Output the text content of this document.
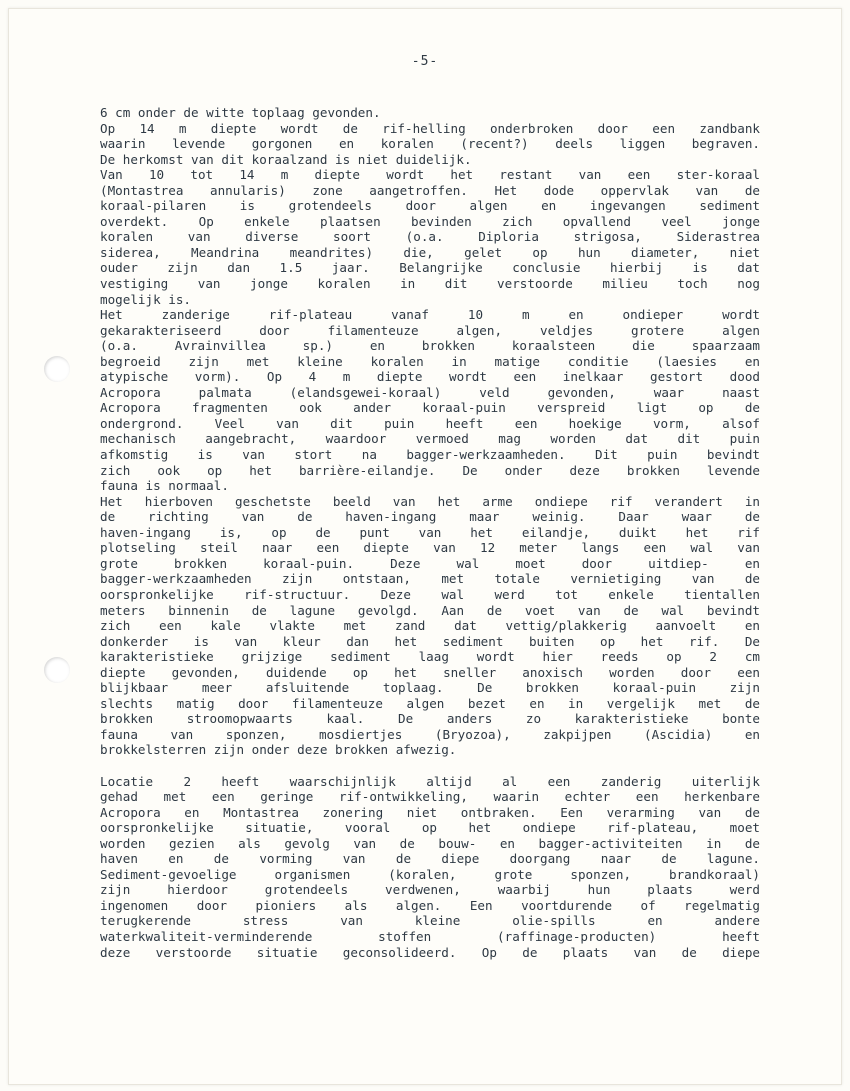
-5-
6 cm onder de witte toplaag gevonden.
Op 14 m diepte wordt de rif-helling onderbroken door een zandbank
waarin levende gorgonen en koralen (recent?) deels liggen begraven.
De herkomst van dit koraalzand is niet duidelijk.
Van 10 tot 14 m diepte wordt het restant van een ster-koraal
(Montastrea annularis) zone aangetroffen. Het dode oppervlak van de
koraal-pilaren is grotendeels door algen en ingevangen sediment
overdekt. Op enkele plaatsen bevinden zich opvallend veel jonge
koralen van diverse soort (o.a. Diploria strigosa, Siderastrea
siderea, Meandrina meandrites) die, gelet op hun diameter, niet
ouder zijn dan 1.5 jaar. Belangrijke conclusie hierbij is dat
vestiging van jonge koralen in dit verstoorde milieu toch nog
mogelijk is.
Het zanderige rif-plateau vanaf 10 m en ondieper wordt
gekarakteriseerd door filamenteuze algen, veldjes grotere algen
(o.a. Avrainvillea sp.) en brokken koraalsteen die spaarzaam
begroeid zijn met kleine koralen in matige conditie (laesies en
atypische vorm). Op 4 m diepte wordt een inelkaar gestort dood
Acropora palmata (elandsgewei-koraal) veld gevonden, waar naast
Acropora fragmenten ook ander koraal-puin verspreid ligt op de
ondergrond. Veel van dit puin heeft een hoekige vorm, alsof
mechanisch aangebracht, waardoor vermoed mag worden dat dit puin
afkomstig is van stort na bagger-werkzaamheden. Dit puin bevindt
zich ook op het barrière-eilandje. De onder deze brokken levende
fauna is normaal.
Het hierboven geschetste beeld van het arme ondiepe rif verandert in
de richting van de haven-ingang maar weinig. Daar waar de
haven-ingang is, op de punt van het eilandje, duikt het rif
plotseling steil naar een diepte van 12 meter langs een wal van
grote brokken koraal-puin. Deze wal moet door uitdiep- en
bagger-werkzaamheden zijn ontstaan, met totale vernietiging van de
oorspronkelijke rif-structuur. Deze wal werd tot enkele tientallen
meters binnenin de lagune gevolgd. Aan de voet van de wal bevindt
zich een kale vlakte met zand dat vettig/plakkerig aanvoelt en
donkerder is van kleur dan het sediment buiten op het rif. De
karakteristieke grijzige sediment laag wordt hier reeds op 2 cm
diepte gevonden, duidende op het sneller anoxisch worden door een
blijkbaar meer afsluitende toplaag. De brokken koraal-puin zijn
slechts matig door filamenteuze algen bezet en in vergelijk met de
brokken stroomopwaarts kaal. De anders zo karakteristieke bonte
fauna van sponzen, mosdiertjes (Bryozoa), zakpijpen (Ascidia) en
brokkelsterren zijn onder deze brokken afwezig.
Locatie 2 heeft waarschijnlijk altijd al een zanderig uiterlijk
gehad met een geringe rif-ontwikkeling, waarin echter een herkenbare
Acropora en Montastrea zonering niet ontbraken. Een verarming van de
oorspronkelijke situatie, vooral op het ondiepe rif-plateau, moet
worden gezien als gevolg van de bouw- en bagger-activiteiten in de
haven en de vorming van de diepe doorgang naar de lagune.
Sediment-gevoelige organismen (koralen, grote sponzen, brandkoraal)
zijn hierdoor grotendeels verdwenen, waarbij hun plaats werd
ingenomen door pioniers als algen. Een voortdurende of regelmatig
terugkerende stress van kleine olie-spills en andere
waterkwaliteit-verminderende stoffen (raffinage-producten) heeft
deze verstoorde situatie geconsolideerd. Op de plaats van de diepe
